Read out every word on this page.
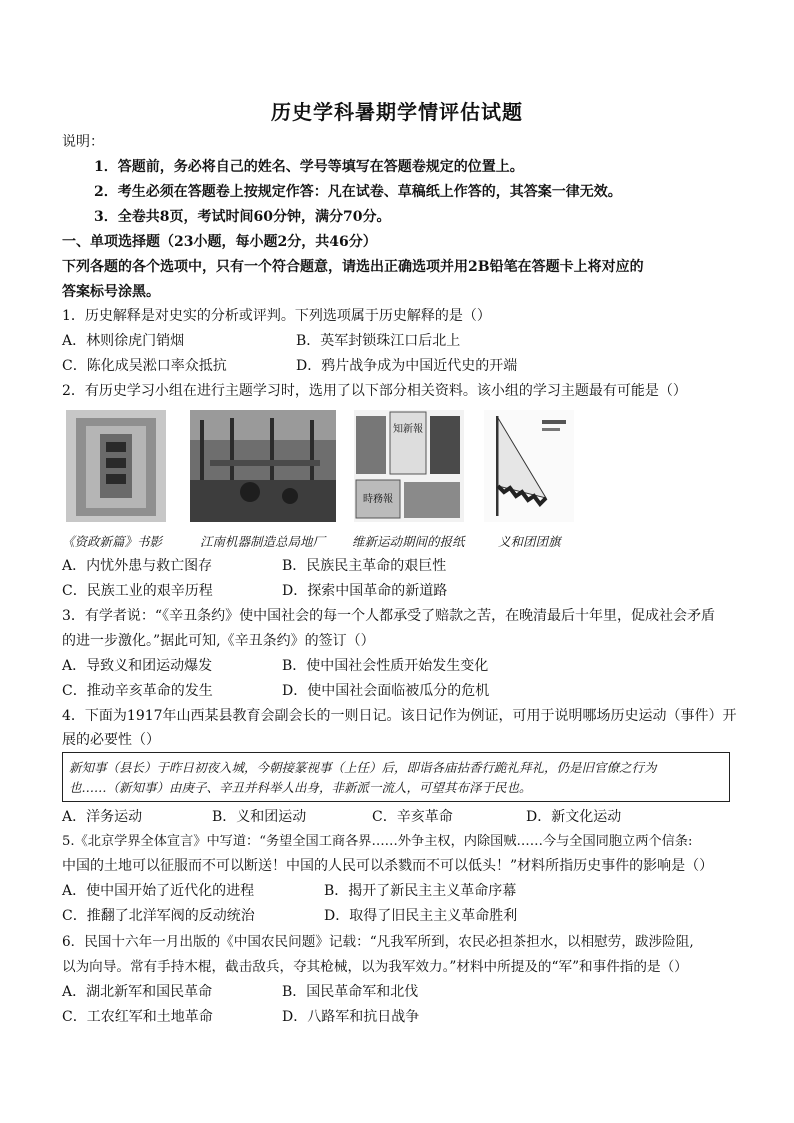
历史学科暑期学情评估试题
说明：
1．答题前，务必将自己的姓名、学号等填写在答题卷规定的位置上。
2．考生必须在答题卷上按规定作答：凡在试卷、草稿纸上作答的，其答案一律无效。
3．全卷共8页，考试时间60分钟，满分70分。
一、单项选择题（23小题，每小题2分，共46分）
下列各题的各个选项中，只有一个符合题意，请选出正确选项并用2B铅笔在答题卡上将对应的
答案标号涂黑。
1．历史解释是对史实的分析或评判。下列选项属于历史解释的是（）
A．林则徐虎门销烟	B．英军封锁珠江口后北上
C．陈化成吴淞口率众抵抗	D．鸦片战争成为中国近代史的开端
2．有历史学习小组在进行主题学习时，选用了以下部分相关资料。该小组的学习主题最有可能是（）
知新報
時務報
《资政新篇》书影	江南机器制造总局地厂 维新运动期间的报纸	义和团团旗
A．内忧外患与救亡图存	B．民族民主革命的艰巨性
C．民族工业的艰辛历程	D．探索中国革命的新道路
3．有学者说：“《辛丑条约》使中国社会的每一个人都承受了赔款之苦，在晚清最后十年里，促成社会矛盾
的进一步激化。”据此可知,《辛丑条约》的签订（）
A．导致义和团运动爆发	B．使中国社会性质开始发生变化
C．推动辛亥革命的发生	D．使中国社会面临被瓜分的危机
4．下面为1917年山西某县教育会副会长的一则日记。该日记作为例证，可用于说明哪场历史运动（事件）开
展的必要性（）
新知事（县长）于昨日初夜入城，今朝接篆视事（上任）后，即诣各庙拈香行跪礼拜礼，仍是旧官僚之行为
也……（新知事）由庚子、辛丑并科举人出身，非新派一流人，可望其布泽于民也。
A．洋务运动	B．义和团运动	C．辛亥革命	D．新文化运动
5.《北京学界全体宣言》中写道：“务望全国工商各界……外争主权，内除国贼……今与全国同胞立两个信条:
中国的土地可以征服而不可以断送！中国的人民可以杀戮而不可以低头！”材料所指历史事件的影响是（）
A．使中国开始了近代化的进程	B．揭开了新民主主义革命序幕
C．推翻了北洋军阀的反动统治	D．取得了旧民主主义革命胜利
6．民国十六年一月出版的《中国农民问题》记载：“凡我军所到，农民必担茶担水，以相慰劳，跋涉险阻,
以为向导。常有手持木棍，截击敌兵，夺其枪械，以为我军效力。”材料中所提及的“军”和事件指的是（）
A．湖北新军和国民革命	B．国民革命军和北伐
C．工农红军和土地革命	D．八路军和抗日战争
